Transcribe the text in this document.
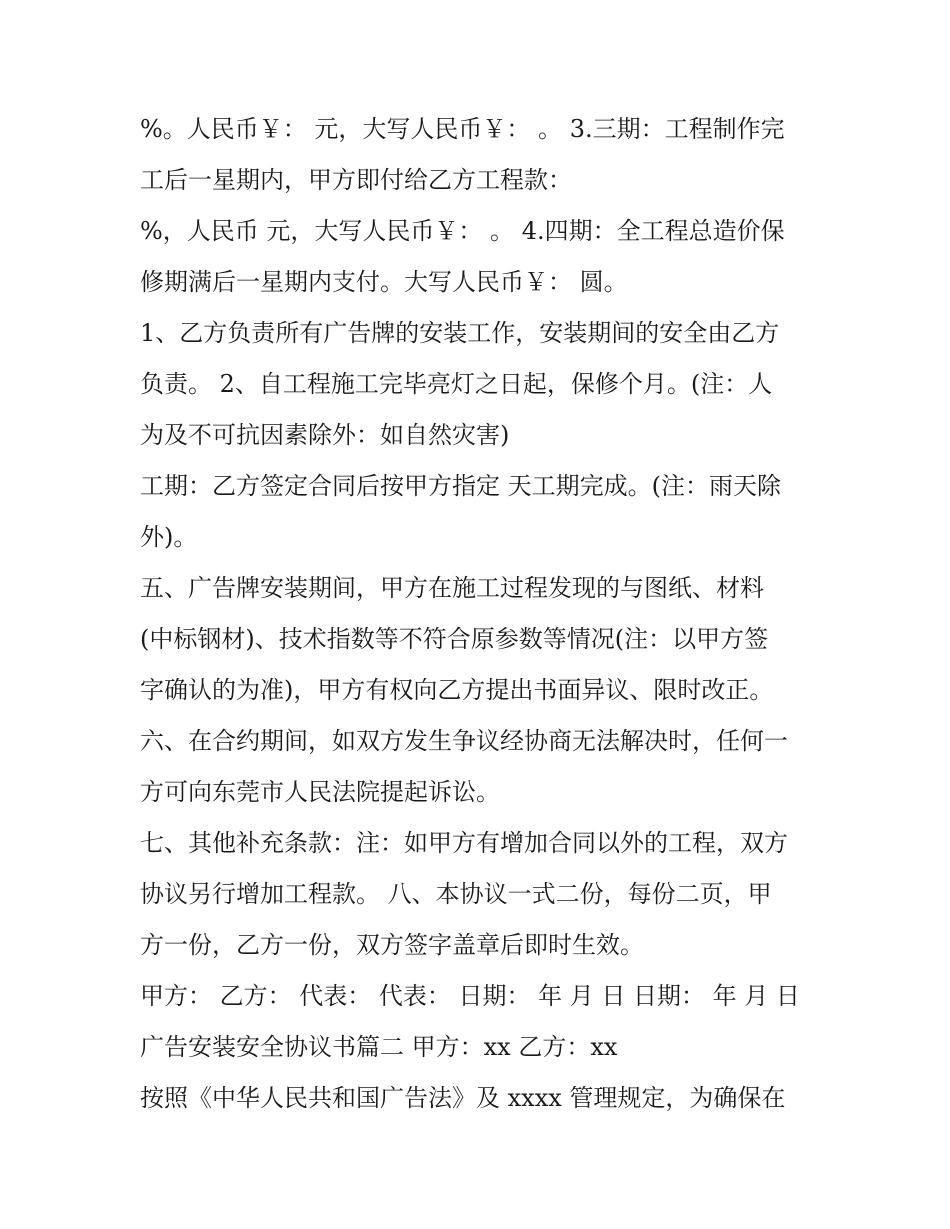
%。人民币￥： 元，大写人民币￥： 。 3.三期：工程制作完
工后一星期内，甲方即付给乙方工程款：
%，人民币 元，大写人民币￥： 。 4.四期：全工程总造价保
修期满后一星期内支付。大写人民币￥： 圆。
1、乙方负责所有广告牌的安装工作，安装期间的安全由乙方
负责。 2、自工程施工完毕亮灯之日起，保修个月。(注：人
为及不可抗因素除外：如自然灾害)
工期：乙方签定合同后按甲方指定 天工期完成。(注：雨天除
外)。
五、广告牌安装期间，甲方在施工过程发现的与图纸、材料
(中标钢材)、技术指数等不符合原参数等情况(注：以甲方签
字确认的为准)，甲方有权向乙方提出书面异议、限时改正。
六、在合约期间，如双方发生争议经协商无法解决时，任何一
方可向东莞市人民法院提起诉讼。
七、其他补充条款：注：如甲方有增加合同以外的工程，双方
协议另行增加工程款。 八、本协议一式二份，每份二页，甲
方一份，乙方一份，双方签字盖章后即时生效。
甲方： 乙方： 代表： 代表： 日期： 年 月 日 日期： 年 月 日
广告安装安全协议书篇二 甲方：xx 乙方：xx
按照《中华人民共和国广告法》及 xxxx 管理规定，为确保在
